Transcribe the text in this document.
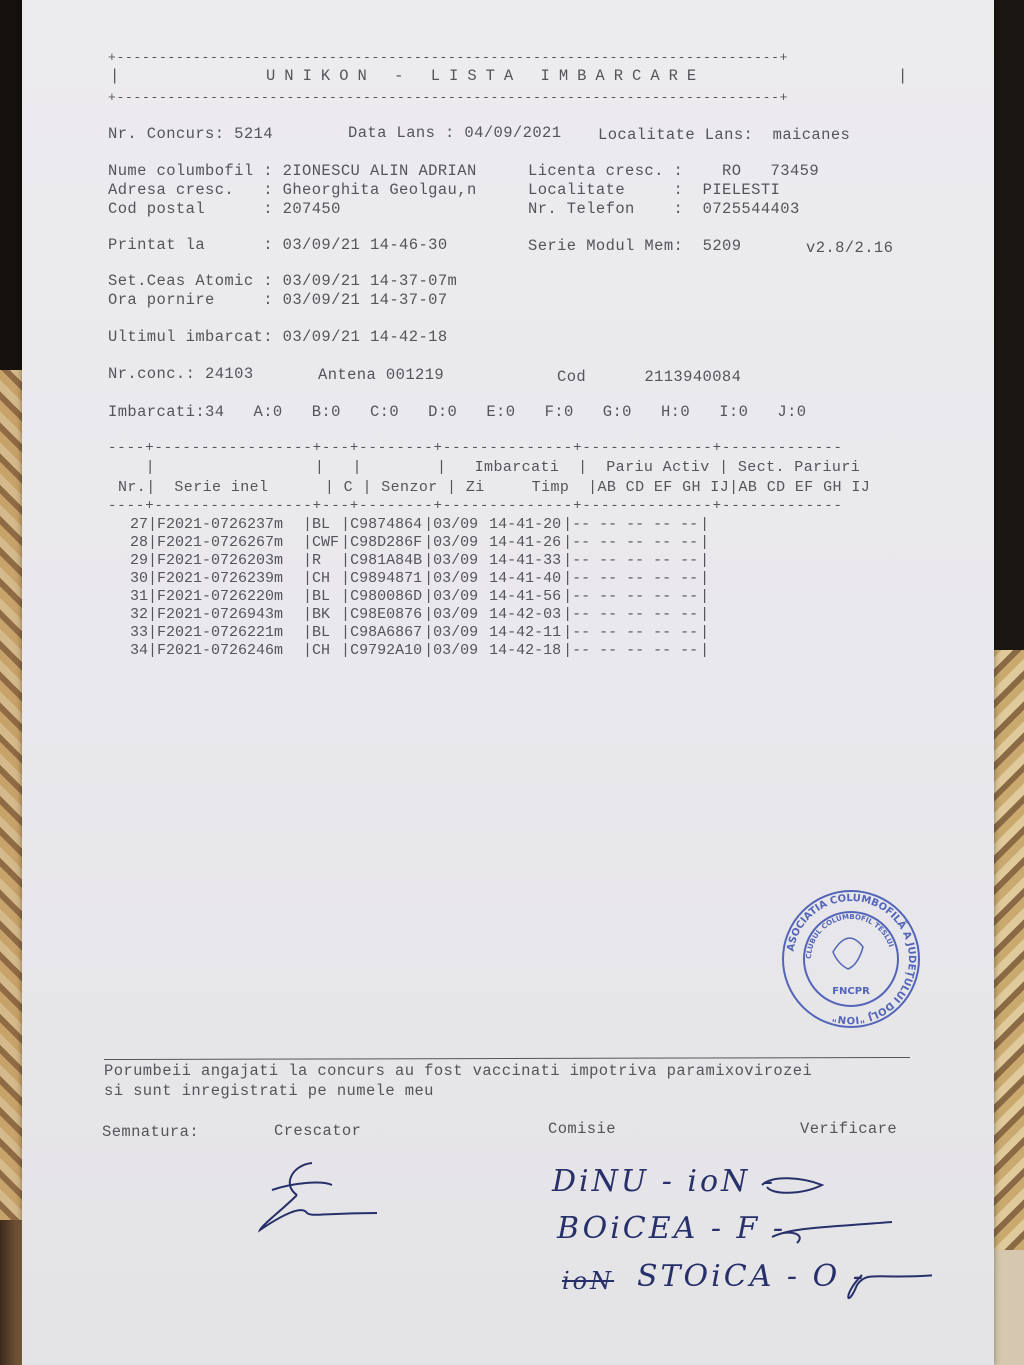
+------------------------------------------------------------------------------+
|	UNIKON - LISTA IMBARCARE	|
+------------------------------------------------------------------------------+
Nr. Concurs: 5214	Data Lans : 04/09/2021 Localitate Lans:  maicanes
Nume columbofil : 2IONESCU ALIN ADRIAN
Adresa cresc.   : Gheorghita Geolgau,n
Cod postal      : 207450
Licenta cresc. :    RO   73459
Localitate     :  PIELESTI
Nr. Telefon    :  0725544403
Printat la      : 03/09/21 14-46-30	Serie Modul Mem:  5209	v2.8/2.16
Set.Ceas Atomic : 03/09/21 14-37-07m
Ora pornire     : 03/09/21 14-37-07
Ultimul imbarcat: 03/09/21 14-42-18
Nr.conc.: 24103	Antena 001219	Cod      2113940084
Imbarcati:34   A:0   B:0   C:0   D:0   E:0   F:0   G:0   H:0   I:0   J:0
----+-----------------+---+--------+--------------+--------------+-------------
|                 |   |        |   Imbarcati  |  Pariu Activ | Sect. Pariuri
Nr.|  Serie inel      | C | Senzor | Zi     Timp  |AB CD EF GH IJ|AB CD EF GH IJ
----+-----------------+---+--------+--------------+--------------+-------------
27|F2021-0726237m |BL |C9874864 |03/09 14-41-20 |-- -- -- -- -- |
28|F2021-0726267m |CWF |C98D286F |03/09 14-41-26 |-- -- -- -- -- |
29|F2021-0726203m |R |C981A84B |03/09 14-41-33 |-- -- -- -- -- |
30|F2021-0726239m |CH |C9894871 |03/09 14-41-40 |-- -- -- -- -- |
31|F2021-0726220m |BL |C980086D |03/09 14-41-56 |-- -- -- -- -- |
32|F2021-0726943m |BK |C98E0876 |03/09 14-42-03 |-- -- -- -- -- |
33|F2021-0726221m |BL |C98A6867 |03/09 14-42-11 |-- -- -- -- -- |
34|F2021-0726246m |CH |C9792A10 |03/09 14-42-18 |-- -- -- -- -- |
ASOCIATIA COLUMBOFILĂ A JUDEŢULUI DOLJ "ION"
CLUBUL COLUMBOFIL TESLUI
FNCPR
Porumbeii angajati la concurs au fost vaccinati impotriva paramixovirozei
si sunt inregistrati pe numele meu
Semnatura:	Crescator	Comisie	Verificare
DiNU - ioN -
BOiCEA - F -
ioN STOiCA - O -
